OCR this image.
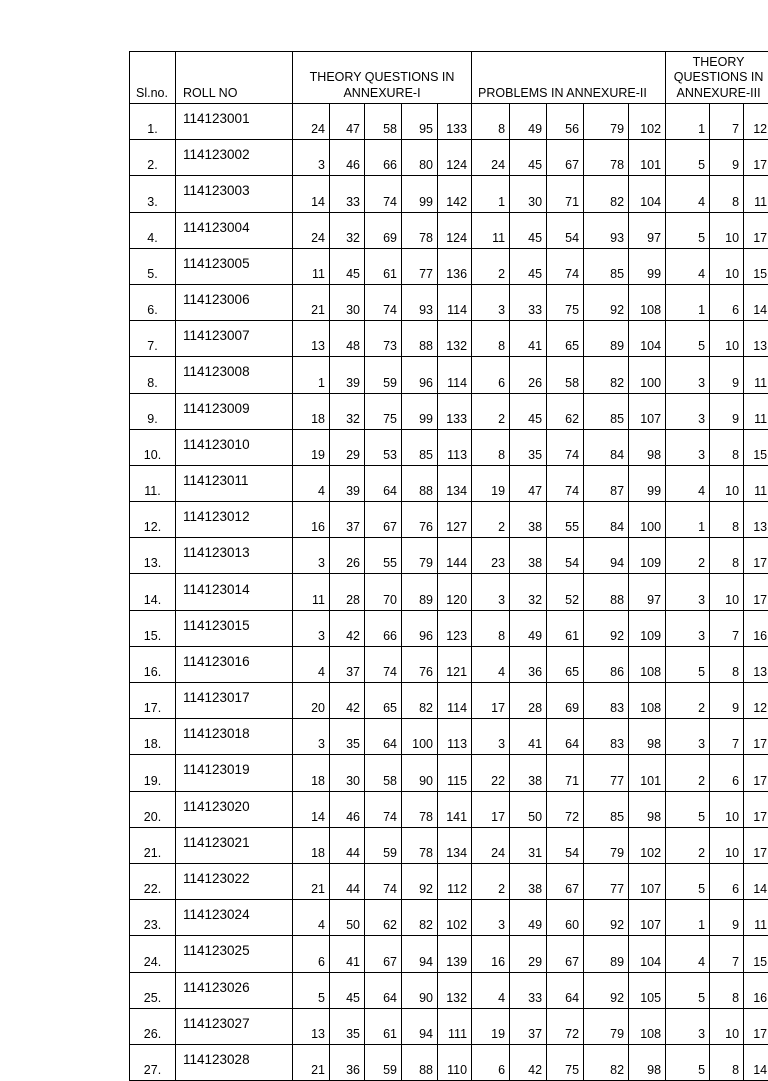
Sl.no.	ROLL NO	THEORY QUESTIONS IN ANNEXURE-I					PROBLEMS IN ANNEXURE-II					THEORY QUESTIONS IN ANNEXURE-III		
1.	114123001	24	47	58	95	133	8	49	56	79	102	1	7	12
2.	114123002	3	46	66	80	124	24	45	67	78	101	5	9	17
3.	114123003	14	33	74	99	142	1	30	71	82	104	4	8	11
4.	114123004	24	32	69	78	124	11	45	54	93	97	5	10	17
5.	114123005	11	45	61	77	136	2	45	74	85	99	4	10	15
6.	114123006	21	30	74	93	114	3	33	75	92	108	1	6	14
7.	114123007	13	48	73	88	132	8	41	65	89	104	5	10	13
8.	114123008	1	39	59	96	114	6	26	58	82	100	3	9	11
9.	114123009	18	32	75	99	133	2	45	62	85	107	3	9	11
10.	114123010	19	29	53	85	113	8	35	74	84	98	3	8	15
11.	114123011	4	39	64	88	134	19	47	74	87	99	4	10	11
12.	114123012	16	37	67	76	127	2	38	55	84	100	1	8	13
13.	114123013	3	26	55	79	144	23	38	54	94	109	2	8	17
14.	114123014	11	28	70	89	120	3	32	52	88	97	3	10	17
15.	114123015	3	42	66	96	123	8	49	61	92	109	3	7	16
16.	114123016	4	37	74	76	121	4	36	65	86	108	5	8	13
17.	114123017	20	42	65	82	114	17	28	69	83	108	2	9	12
18.	114123018	3	35	64	100	113	3	41	64	83	98	3	7	17
19.	114123019	18	30	58	90	115	22	38	71	77	101	2	6	17
20.	114123020	14	46	74	78	141	17	50	72	85	98	5	10	17
21.	114123021	18	44	59	78	134	24	31	54	79	102	2	10	17
22.	114123022	21	44	74	92	112	2	38	67	77	107	5	6	14
23.	114123024	4	50	62	82	102	3	49	60	92	107	1	9	11
24.	114123025	6	41	67	94	139	16	29	67	89	104	4	7	15
25.	114123026	5	45	64	90	132	4	33	64	92	105	5	8	16
26.	114123027	13	35	61	94	111	19	37	72	79	108	3	10	17
27.	114123028	21	36	59	88	110	6	42	75	82	98	5	8	14
